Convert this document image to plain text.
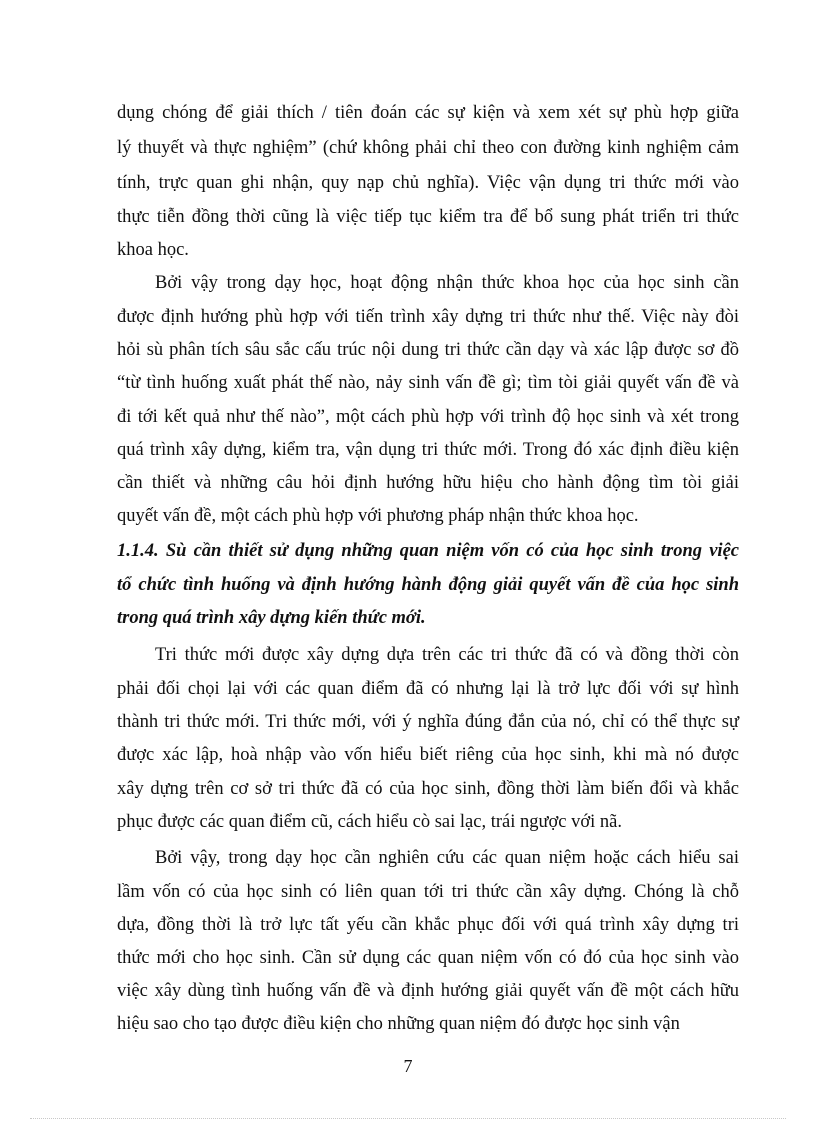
dụng chóng để giải thích / tiên đoán các sự kiện và xem xét sự phù hợp giữa
lý thuyết và thực nghiệm” (chứ không phải chỉ theo con đường kinh nghiệm cảm
tính, trực quan ghi nhận, quy nạp chủ nghĩa). Việc vận dụng tri thức mới vào
thực tiễn đồng thời cũng là việc tiếp tục kiểm tra để bổ sung phát triển tri thức
khoa học.
Bởi vậy trong dạy học, hoạt động nhận thức khoa học của học sinh cần
được định hướng phù hợp với tiến trình xây dựng tri thức như thế. Việc này đòi
hỏi sù phân tích sâu sắc cấu trúc nội dung tri thức cần dạy và xác lập được sơ đồ
“từ tình huống xuất phát thế nào, nảy sinh vấn đề gì; tìm tòi giải quyết vấn đề và
đi tới kết quả như thế nào”, một cách phù hợp với trình độ học sinh và xét trong
quá trình xây dựng, kiểm tra, vận dụng tri thức mới. Trong đó xác định điều kiện
cần thiết và những câu hỏi định hướng hữu hiệu cho hành động tìm tòi giải
quyết vấn đề, một cách phù hợp với phương pháp nhận thức khoa học.
1.1.4. Sù cần thiết sử dụng những quan niệm vốn có của học sinh trong việc
tổ chức tình huống và định hướng hành động giải quyết vấn đề của học sinh
trong quá trình xây dựng kiến thức mới.
Tri thức mới được xây dựng dựa trên các tri thức đã có và đồng thời còn
phải đối chọi lại với các quan điểm đã có nhưng lại là trở lực đối với sự hình
thành tri thức mới. Tri thức mới, với ý nghĩa đúng đắn của nó, chỉ có thể thực sự
được xác lập, hoà nhập vào vốn hiểu biết riêng của học sinh, khi mà nó được
xây dựng trên cơ sở tri thức đã có của học sinh, đồng thời làm biến đổi và khắc
phục được các quan điểm cũ, cách hiểu cò sai lạc, trái ngược với nã.
Bởi vậy, trong dạy học cần nghiên cứu các quan niệm hoặc cách hiểu sai
lầm vốn có của học sinh có liên quan tới tri thức cần xây dựng. Chóng là chỗ
dựa, đồng thời là trở lực tất yếu cần khắc phục đối với quá trình xây dựng tri
thức mới cho học sinh. Cần sử dụng các quan niệm vốn có đó của học sinh vào
việc xây dùng tình huống vấn đề và định hướng giải quyết vấn đề một cách hữu
hiệu sao cho tạo được điều kiện cho những quan niệm đó được học sinh vận
7
